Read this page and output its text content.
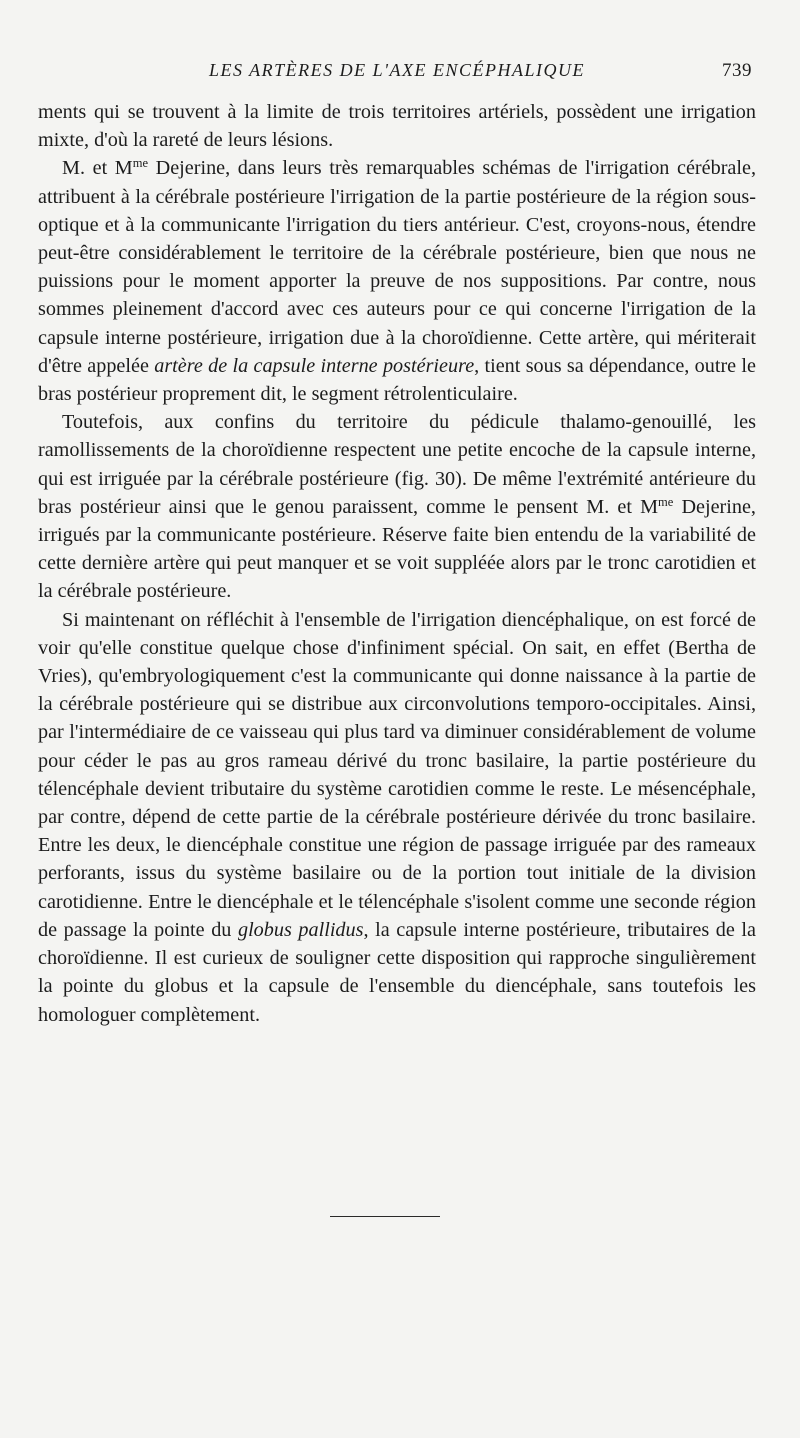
LES ARTÈRES DE L'AXE ENCÉPHALIQUE	739

ments qui se trouvent à la limite de trois territoires artériels, possèdent une irrigation mixte, d'où la rareté de leurs lésions.

M. et $M^{me}$ Dejerine, dans leurs très remarquables schémas de l'irrigation cérébrale, attribuent à la cérébrale postérieure l'irrigation de la partie postérieure de la région sous-optique et à la communicante l'irrigation du tiers antérieur. C'est, croyons-nous, étendre peut-être considérablement le territoire de la cérébrale postérieure, bien que nous ne puissions pour le moment apporter la preuve de nos suppositions. Par contre, nous sommes pleinement d'accord avec ces auteurs pour ce qui concerne l'irrigation de la capsule interne postérieure, irrigation due à la choroïdienne. Cette artère, qui mériterait d'être appelée artère de la capsule interne postérieure, tient sous sa dépendance, outre le bras postérieur proprement dit, le segment rétrolenticulaire.

Toutefois, aux confins du territoire du pédicule thalamo-genouillé, les ramollissements de la choroïdienne respectent une petite encoche de la capsule interne, qui est irriguée par la cérébrale postérieure (fig. 30). De même l'extrémité antérieure du bras postérieur ainsi que le genou paraissent, comme le pensent M. et $M^{me}$ Dejerine, irrigués par la communicante postérieure. Réserve faite bien entendu de la variabilité de cette dernière artère qui peut manquer et se voit suppléée alors par le tronc carotidien et la cérébrale postérieure.

Si maintenant on réfléchit à l'ensemble de l'irrigation diencéphalique, on est forcé de voir qu'elle constitue quelque chose d'infiniment spécial. On sait, en effet (Bertha de Vries), qu'embryologiquement c'est la communicante qui donne naissance à la partie de la cérébrale postérieure qui se distribue aux circonvolutions temporo-occipitales. Ainsi, par l'intermédiaire de ce vaisseau qui plus tard va diminuer considérablement de volume pour céder le pas au gros rameau dérivé du tronc basilaire, la partie postérieure du télencéphale devient tributaire du système carotidien comme le reste. Le mésencéphale, par contre, dépend de cette partie de la cérébrale postérieure dérivée du tronc basilaire. Entre les deux, le diencéphale constitue une région de passage irriguée par des rameaux perforants, issus du système basilaire ou de la portion tout initiale de la division carotidienne. Entre le diencéphale et le télencéphale s'isolent comme une seconde région de passage la pointe du globus pallidus, la capsule interne postérieure, tributaires de la choroïdienne. Il est curieux de souligner cette disposition qui rapproche singulièrement la pointe du globus et la capsule de l'ensemble du diencéphale, sans toutefois les homologuer complètement.
